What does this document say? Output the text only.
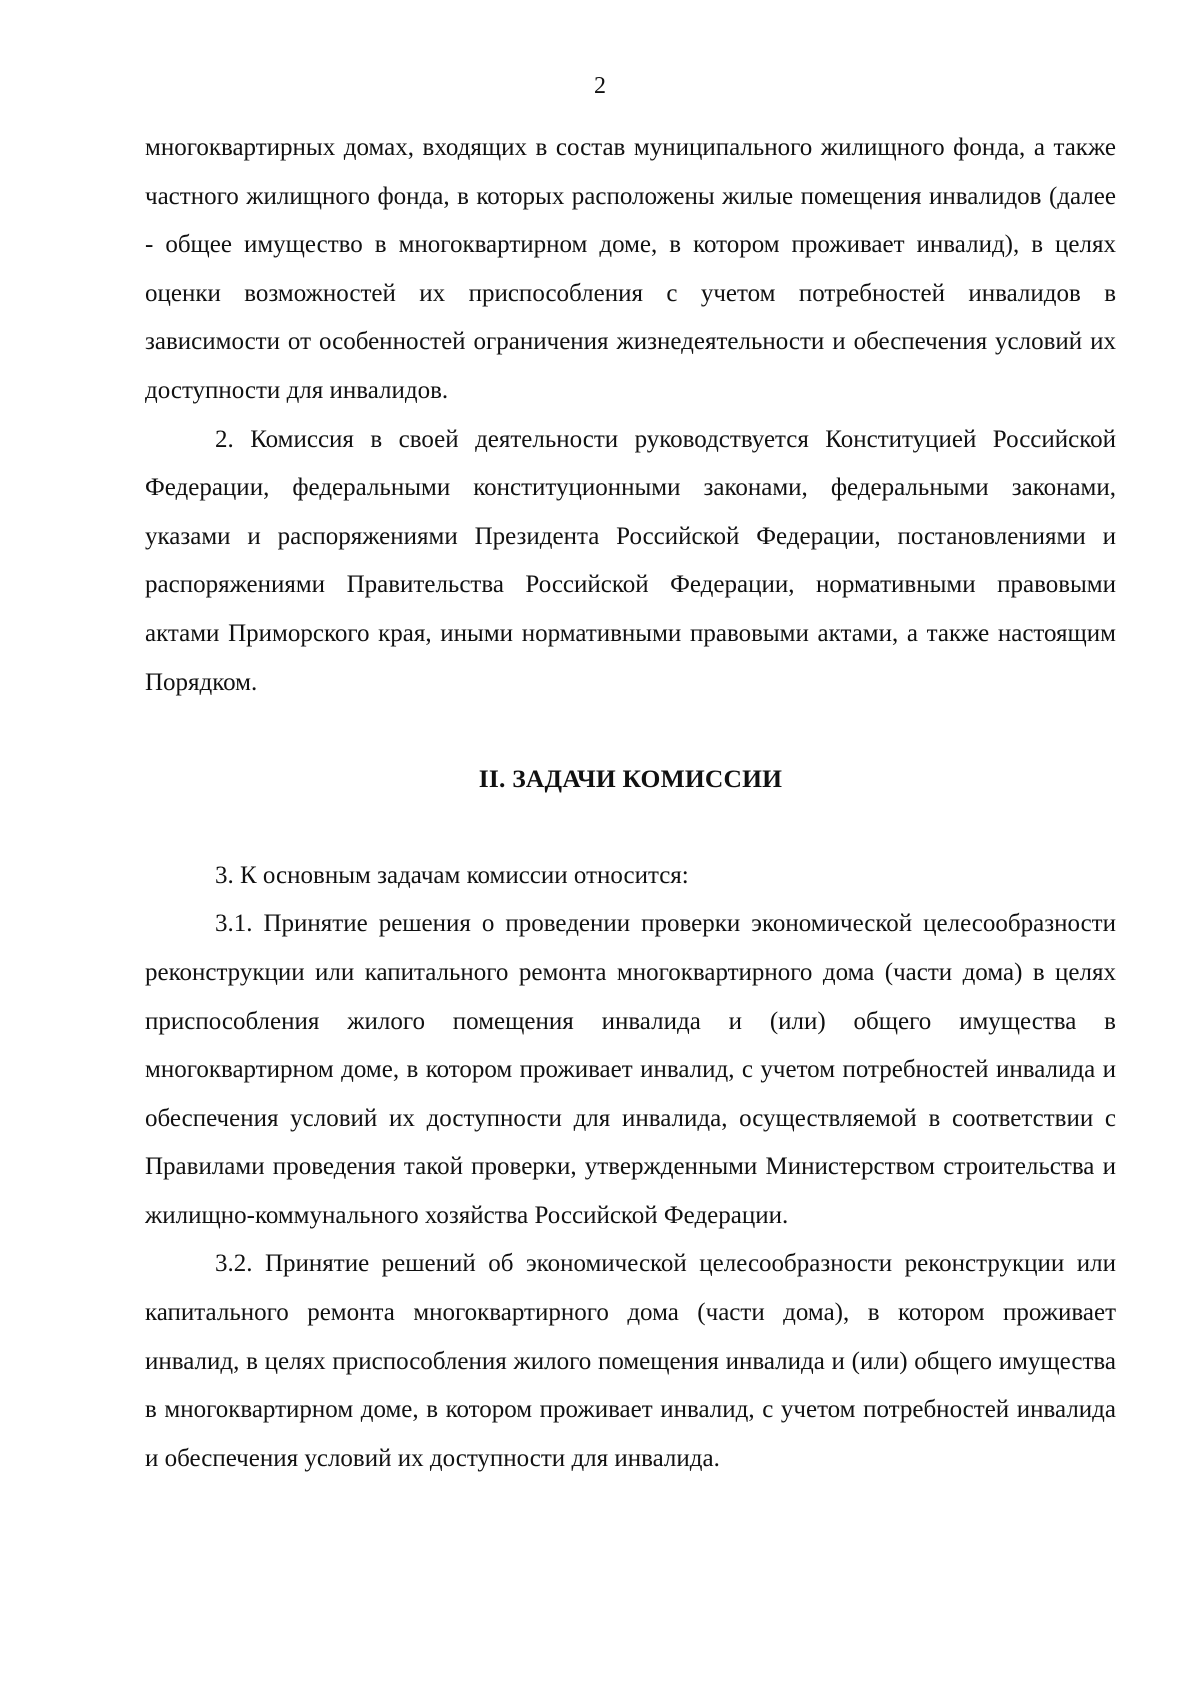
2

многоквартирных домах, входящих в состав муниципального жилищного фонда, а также частного жилищного фонда, в которых расположены жилые помещения инвалидов (далее - общее имущество в многоквартирном доме, в котором проживает инвалид), в целях оценки возможностей их приспособления с учетом потребностей инвалидов в зависимости от особенностей ограничения жизнедеятельности и обеспечения условий их доступности для инвалидов.

2. Комиссия в своей деятельности руководствуется Конституцией Российской Федерации, федеральными конституционными законами, федеральными законами, указами и распоряжениями Президента Российской Федерации, постановлениями и распоряжениями Правительства Российской Федерации, нормативными правовыми актами Приморского края, иными нормативными правовыми актами, а также настоящим Порядком.

II. ЗАДАЧИ КОМИССИИ

3. К основным задачам комиссии относится:

3.1. Принятие решения о проведении проверки экономической целесообразности реконструкции или капитального ремонта многоквартирного дома (части дома) в целях приспособления жилого помещения инвалида и (или) общего имущества в многоквартирном доме, в котором проживает инвалид, с учетом потребностей инвалида и обеспечения условий их доступности для инвалида, осуществляемой в соответствии с Правилами проведения такой проверки, утвержденными Министерством строительства и жилищно-коммунального хозяйства Российской Федерации.

3.2. Принятие решений об экономической целесообразности реконструкции или капитального ремонта многоквартирного дома (части дома), в котором проживает инвалид, в целях приспособления жилого помещения инвалида и (или) общего имущества в многоквартирном доме, в котором проживает инвалид, с учетом потребностей инвалида и обеспечения условий их доступности для инвалида.
